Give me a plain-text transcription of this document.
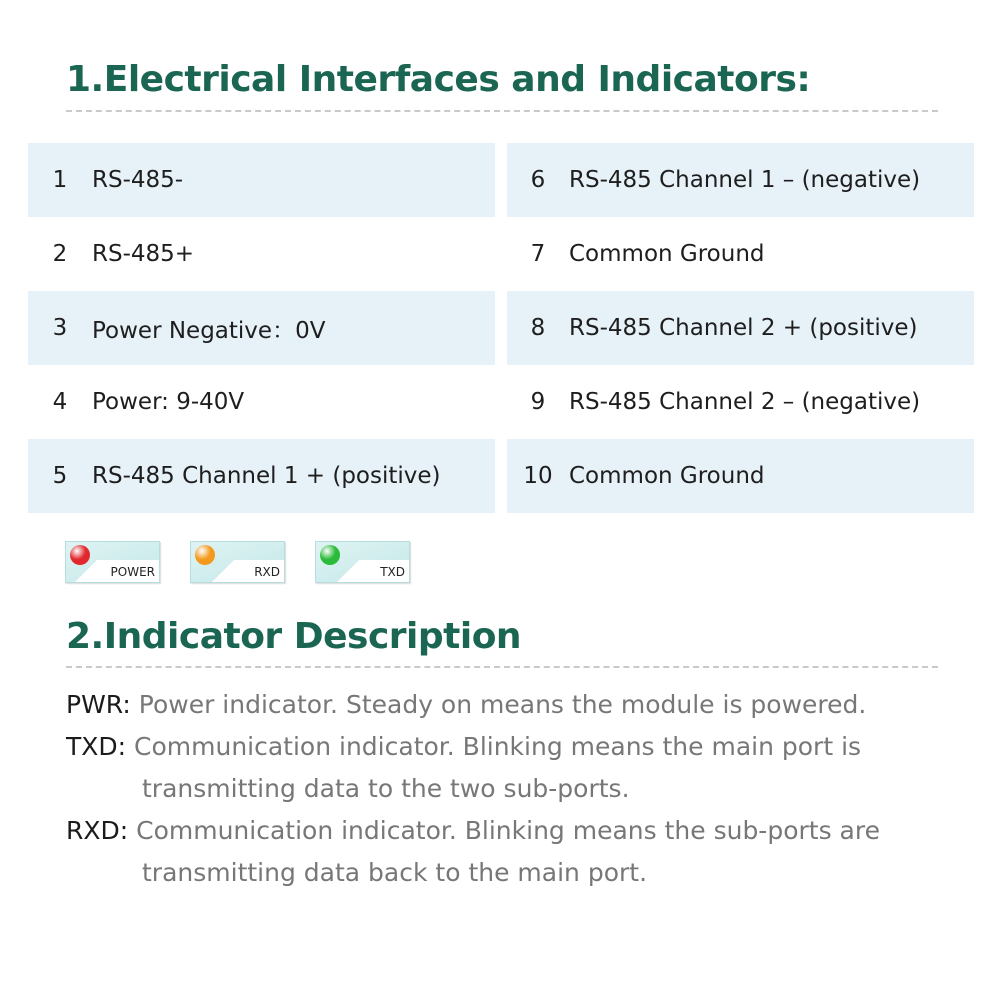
1.Electrical Interfaces and Indicators:
1	RS-485-	6	RS-485 Channel 1 – (negative)
2	RS-485+	7	Common Ground
3	Power Negative：0V	8	RS-485 Channel 2 + (positive)
4	Power: 9-40V	9	RS-485 Channel 2 – (negative)
5	RS-485 Channel 1 + (positive)	10 Common Ground
POWER	RXD	TXD
2.Indicator Description
PWR: Power indicator. Steady on means the module is powered.
TXD: Communication indicator. Blinking means the main port is
transmitting data to the two sub-ports.
RXD: Communication indicator. Blinking means the sub-ports are
transmitting data back to the main port.
